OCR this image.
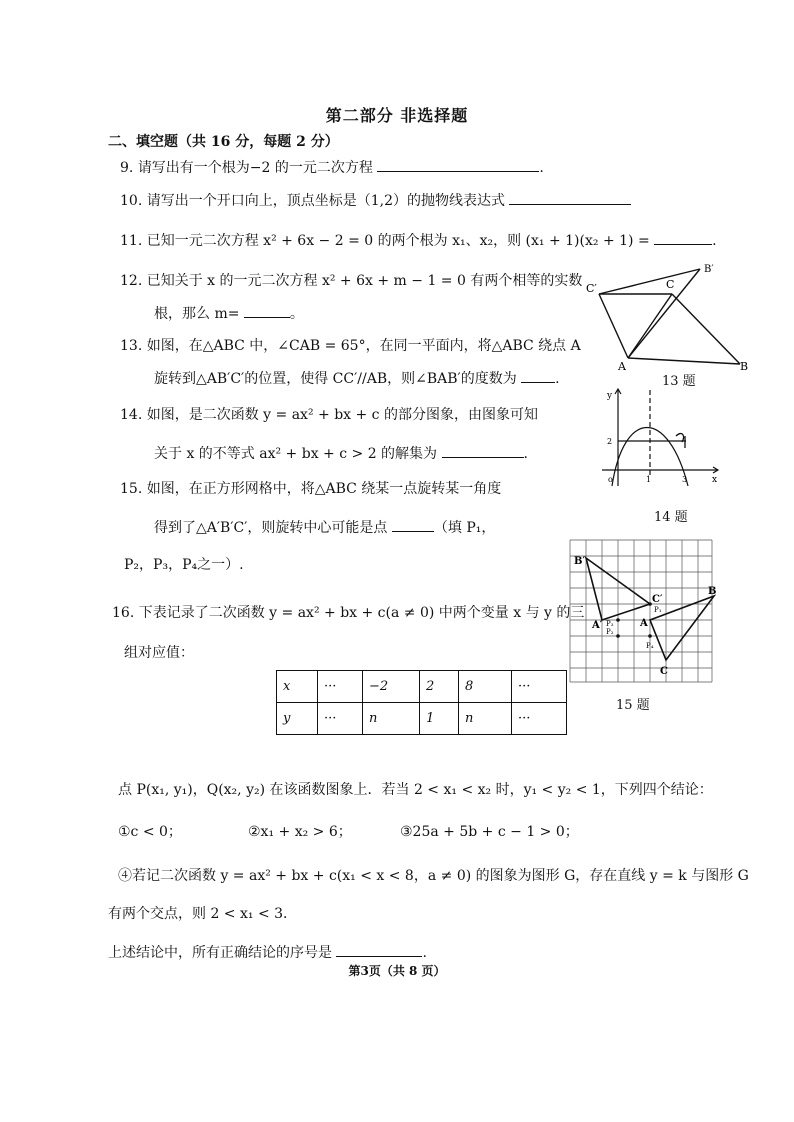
第二部分 非选择题
二、填空题（共 16 分，每题 2 分）
9. 请写出有一个根为−2 的一元二次方程	.
10. 请写出一个开口向上，顶点坐标是（1,2）的抛物线表达式
11. 已知一元二次方程 x² + 6x − 2 = 0 的两个根为 x₁、x₂，则 (x₁ + 1)(x₂ + 1) =	.
12. 已知关于 x 的一元二次方程 x² + 6x + m − 1 = 0 有两个相等的实数
根，那么 m=	。
13. 如图，在△ABC 中，∠CAB = 65°，在同一平面内，将△ABC 绕点 A
旋转到△AB′C′的位置，使得 CC′//AB，则∠BAB′的度数为	.
14. 如图，是二次函数 y = ax² + bx + c 的部分图象，由图象可知
关于 x 的不等式 ax² + bx + c > 2 的解集为	.
15. 如图，在正方形网格中，将△ABC 绕某一点旋转某一角度
得到了△A′B′C′，则旋转中心可能是点	（填 P₁，
P₂，P₃，P₄之一）.
16. 下表记录了二次函数 y = ax² + bx + c(a ≠ 0) 中两个变量 x 与 y 的三
组对应值：
x	···	−2	2	8	···
y	···	n	1	n	···
点 P(x₁, y₁)，Q(x₂, y₂) 在该函数图象上．若当 2 < x₁ < x₂ 时，y₁ < y₂ < 1，下列四个结论：
①c < 0；	②x₁ + x₂ > 6；	③25a + 5b + c − 1 > 0；
④若记二次函数 y = ax² + bx + c(x₁ < x < 8，a ≠ 0) 的图象为图形 G，存在直线 y = k 与图形 G
有两个交点，则 2 < x₁ < 3．
上述结论中，所有正确结论的序号是	.
C′	C
B′
A	B
13 题
y
x
o
2
1	3
14 题
B′
C′
A′
B
A
C
P₁
P₂
P₃
P₄
15 题
第3页（共 8 页）
